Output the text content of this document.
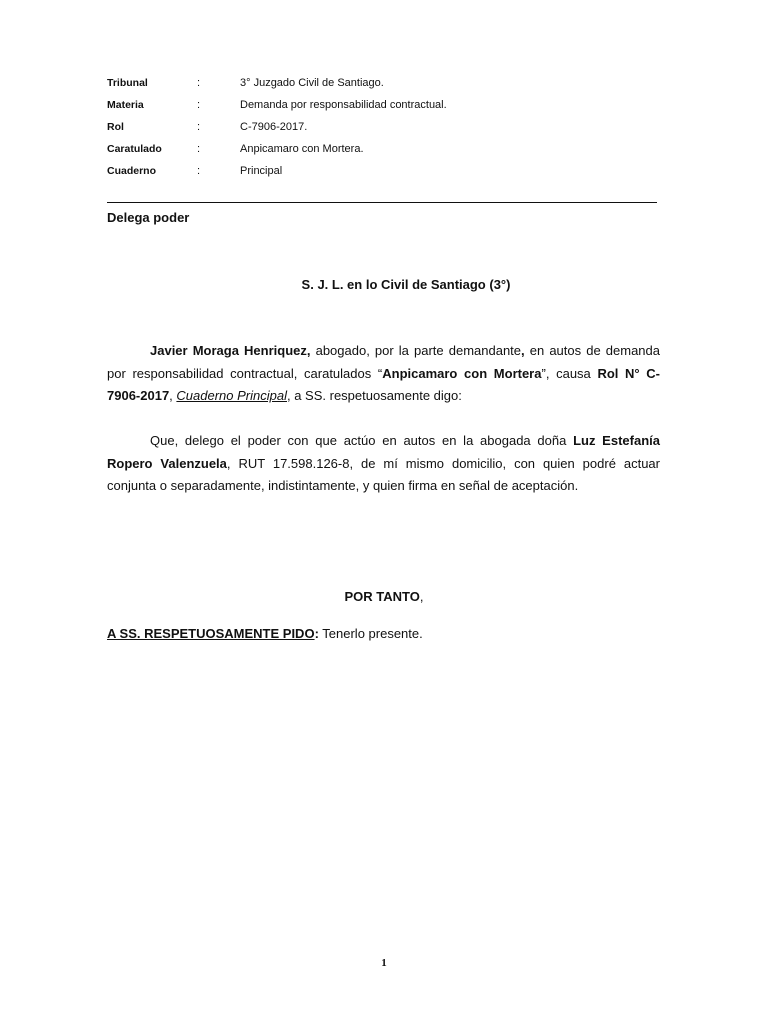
Tribunal	:	3° Juzgado Civil de Santiago.
Materia	:	Demanda por responsabilidad contractual.
Rol	:	C-7906-2017.
Caratulado	:	Anpicamaro con Mortera.
Cuaderno	:	Principal
Delega poder
S. J. L. en lo Civil de Santiago (3°)
Javier Moraga Henriquez, abogado, por la parte demandante, en autos de demanda por responsabilidad contractual, caratulados “Anpicamaro con Mortera”, causa Rol N° C-7906-2017, Cuaderno Principal, a SS. respetuosamente digo:
Que, delego el poder con que actúo en autos en la abogada doña Luz Estefanía Ropero Valenzuela, RUT 17.598.126-8, de mí mismo domicilio, con quien podré actuar conjunta o separadamente, indistintamente, y quien firma en señal de aceptación.
POR TANTO,
A SS. RESPETUOSAMENTE PIDO: Tenerlo presente.
1
